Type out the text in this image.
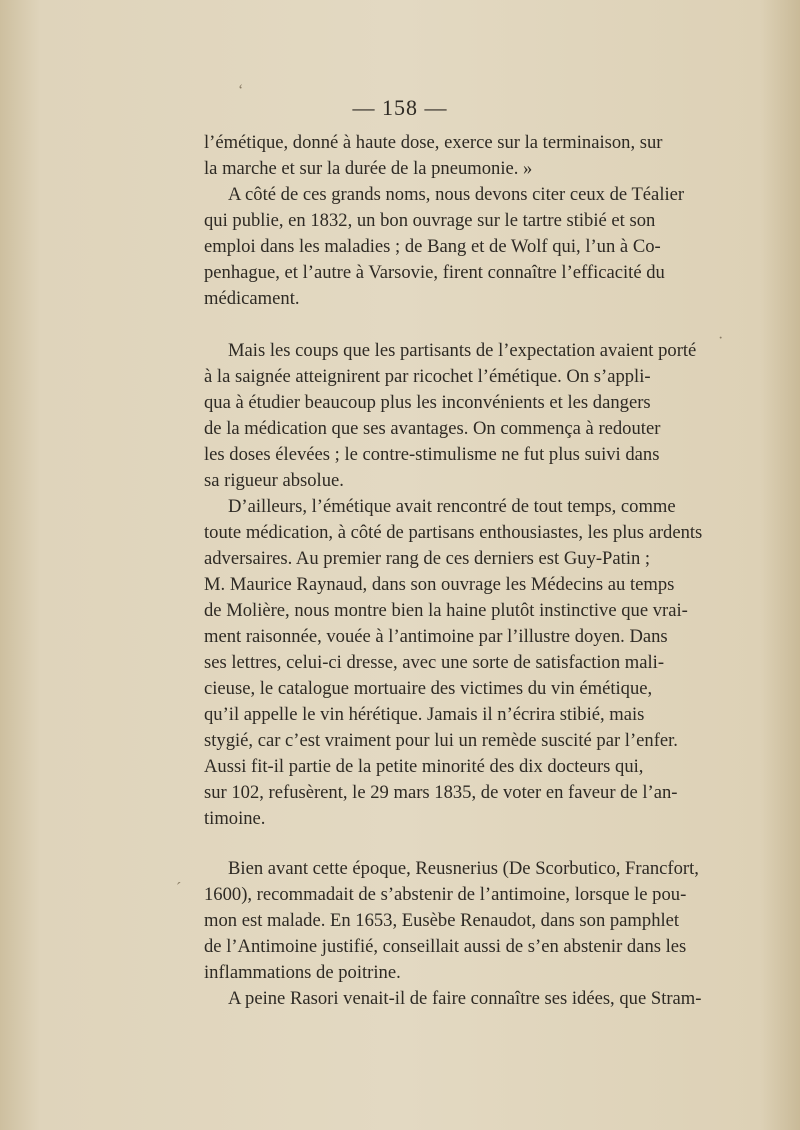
— 158 —
l’émétique, donné à haute dose, exerce sur la terminaison, sur
la marche et sur la durée de la pneumonie. »
A côté de ces grands noms, nous devons citer ceux de Téalier
qui publie, en 1832, un bon ouvrage sur le tartre stibié et son
emploi dans les maladies ; de Bang et de Wolf qui, l’un à Co-
penhague, et l’autre à Varsovie, firent connaître l’efficacité du
médicament.
Mais les coups que les partisants de l’expectation avaient porté
à la saignée atteignirent par ricochet l’émétique. On s’appli-
qua à étudier beaucoup plus les inconvénients et les dangers
de la médication que ses avantages. On commença à redouter
les doses élevées ; le contre-stimulisme ne fut plus suivi dans
sa rigueur absolue.
D’ailleurs, l’émétique avait rencontré de tout temps, comme
toute médication, à côté de partisans enthousiastes, les plus ardents
adversaires. Au premier rang de ces derniers est Guy-Patin ;
M. Maurice Raynaud, dans son ouvrage les Médecins au temps
de Molière, nous montre bien la haine plutôt instinctive que vrai-
ment raisonnée, vouée à l’antimoine par l’illustre doyen. Dans
ses lettres, celui-ci dresse, avec une sorte de satisfaction mali-
cieuse, le catalogue mortuaire des victimes du vin émétique,
qu’il appelle le vin hérétique. Jamais il n’écrira stibié, mais
stygié, car c’est vraiment pour lui un remède suscité par l’enfer.
Aussi fit-il partie de la petite minorité des dix docteurs qui,
sur 102, refusèrent, le 29 mars 1835, de voter en faveur de l’an-
timoine.
Bien avant cette époque, Reusnerius (De Scorbutico, Francfort,
1600), recommadait de s’abstenir de l’antimoine, lorsque le pou-
mon est malade. En 1653, Eusèbe Renaudot, dans son pamphlet
de l’Antimoine justifié, conseillait aussi de s’en abstenir dans les
inflammations de poitrine.
A peine Rasori venait-il de faire connaître ses idées, que Stram-
ʻ
·
ˊ
